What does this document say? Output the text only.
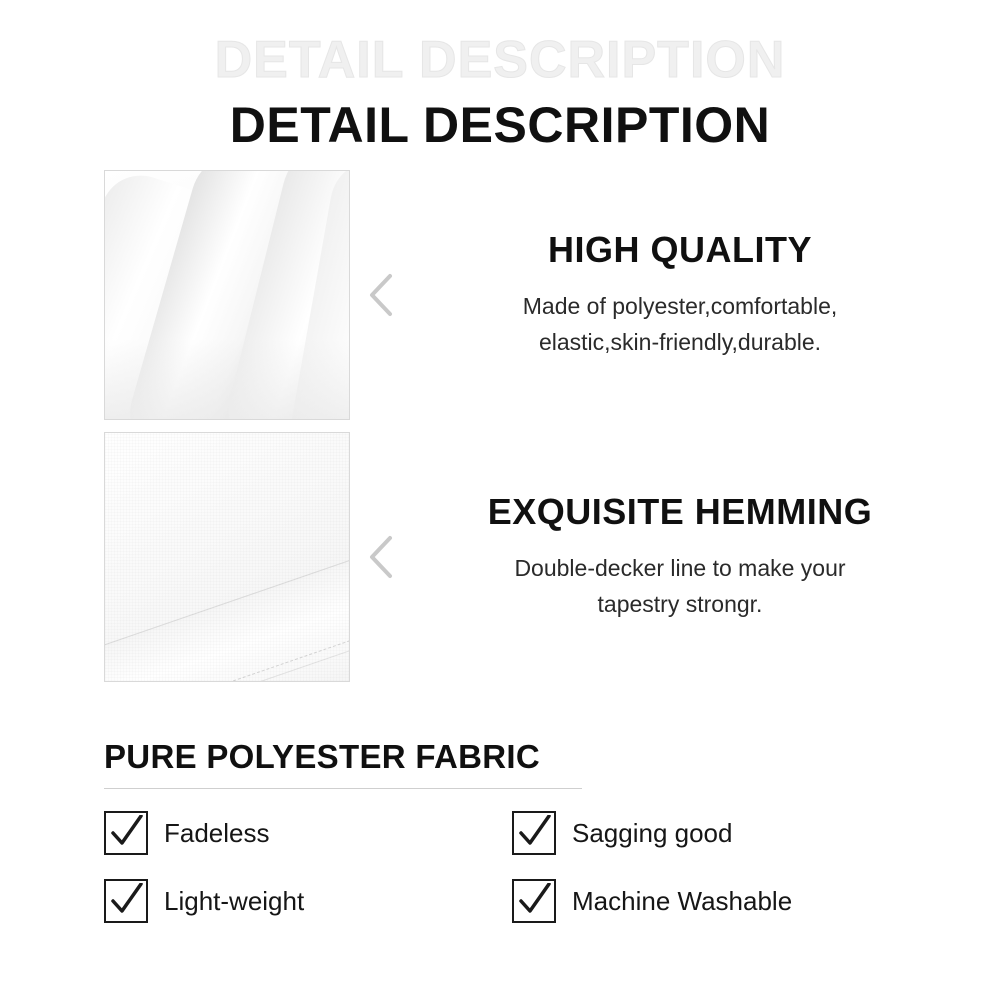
DETAIL DESCRIPTION
DETAIL DESCRIPTION
HIGH QUALITY
Made of polyester,comfortable,
elastic,skin-friendly,durable.
EXQUISITE HEMMING
Double-decker line to make your
tapestry strongr.
PURE POLYESTER FABRIC
Fadeless	Sagging good
Light-weight	Machine Washable
